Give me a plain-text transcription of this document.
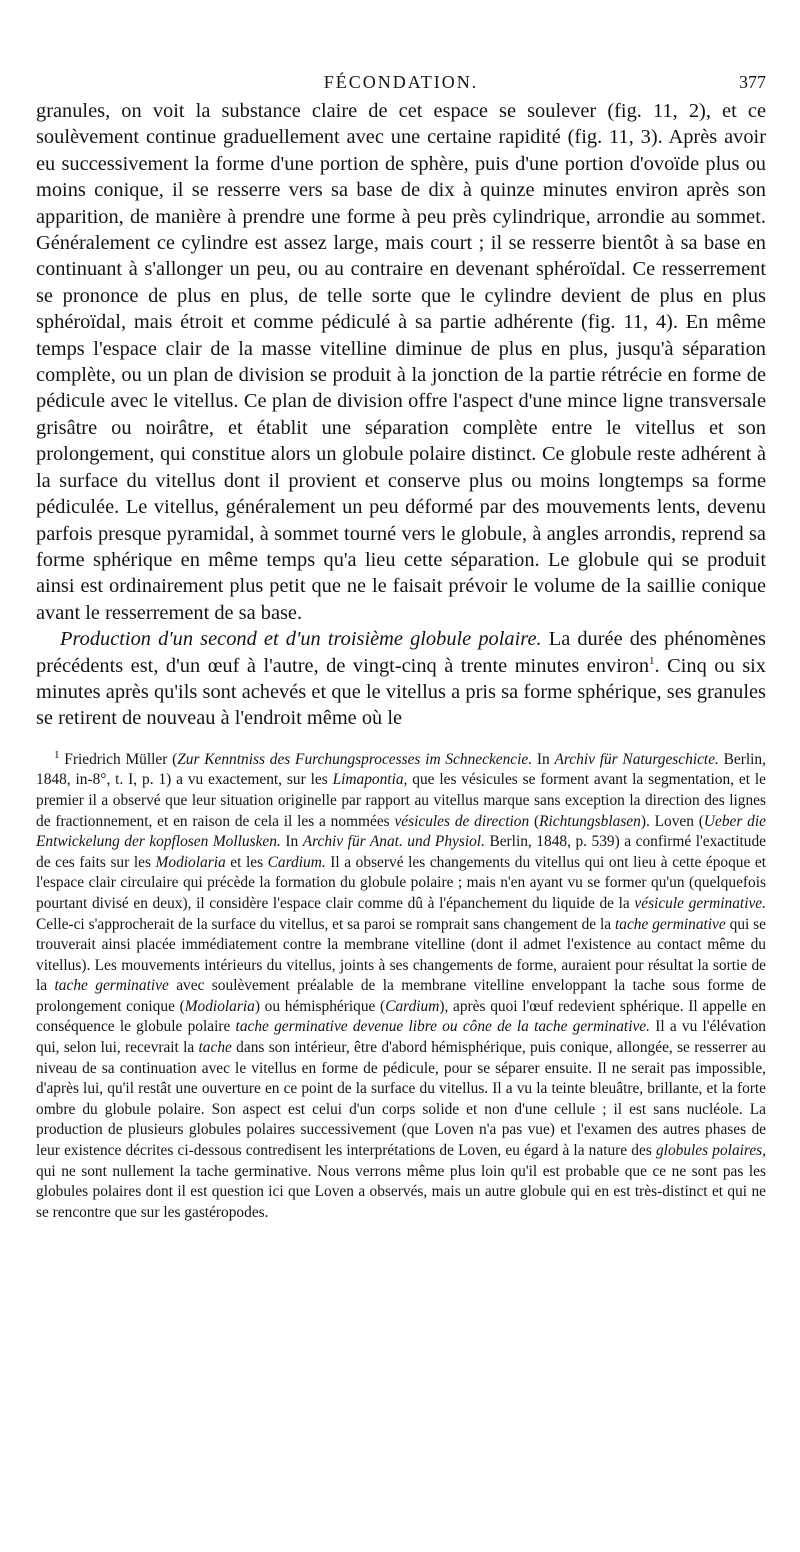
FÉCONDATION.	377

granules, on voit la substance claire de cet espace se soulever (fig. 11, 2), et ce soulèvement continue graduellement avec une certaine rapidité (fig. 11, 3). Après avoir eu successivement la forme d'une portion de sphère, puis d'une portion d'ovoïde plus ou moins conique, il se resserre vers sa base de dix à quinze minutes environ après son apparition, de manière à prendre une forme à peu près cylindrique, arrondie au sommet. Généralement ce cylindre est assez large, mais court ; il se resserre bientôt à sa base en continuant à s'allonger un peu, ou au contraire en devenant sphéroïdal. Ce resserrement se prononce de plus en plus, de telle sorte que le cylindre devient de plus en plus sphéroïdal, mais étroit et comme pédiculé à sa partie adhérente (fig. 11, 4). En même temps l'espace clair de la masse vitelline diminue de plus en plus, jusqu'à séparation complète, ou un plan de division se produit à la jonction de la partie rétrécie en forme de pédicule avec le vitellus. Ce plan de division offre l'aspect d'une mince ligne transversale grisâtre ou noirâtre, et établit une séparation complète entre le vitellus et son prolongement, qui constitue alors un globule polaire distinct. Ce globule reste adhérent à la surface du vitellus dont il provient et conserve plus ou moins longtemps sa forme pédiculée. Le vitellus, généralement un peu déformé par des mouvements lents, devenu parfois presque pyramidal, à sommet tourné vers le globule, à angles arrondis, reprend sa forme sphérique en même temps qu'a lieu cette séparation. Le globule qui se produit ainsi est ordinairement plus petit que ne le faisait prévoir le volume de la saillie conique avant le resserrement de sa base.

Production d'un second et d'un troisième globule polaire. La durée des phénomènes précédents est, d'un œuf à l'autre, de vingt-cinq à trente minutes environ$^1$. Cinq ou six minutes après qu'ils sont achevés et que le vitellus a pris sa forme sphérique, ses granules se retirent de nouveau à l'endroit même où le

$^1$ Friedrich Müller (Zur Kenntniss des Furchungsprocesses im Schneckencie. In Archiv für Naturgeschicte. Berlin, 1848, in-8°, t. I, p. 1) a vu exactement, sur les Limapontia, que les vésicules se forment avant la segmentation, et le premier il a observé que leur situation originelle par rapport au vitellus marque sans exception la direction des lignes de fractionnement, et en raison de cela il les a nommées vésicules de direction (Richtungsblasen). Loven (Ueber die Entwickelung der kopflosen Mollusken. In Archiv für Anat. und Physiol. Berlin, 1848, p. 539) a confirmé l'exactitude de ces faits sur les Modiolaria et les Cardium. Il a observé les changements du vitellus qui ont lieu à cette époque et l'espace clair circulaire qui précède la formation du globule polaire ; mais n'en ayant vu se former qu'un (quelquefois pourtant divisé en deux), il considère l'espace clair comme dû à l'épanchement du liquide de la vésicule germinative. Celle-ci s'approcherait de la surface du vitellus, et sa paroi se romprait sans changement de la tache germinative qui se trouverait ainsi placée immédiatement contre la membrane vitelline (dont il admet l'existence au contact même du vitellus). Les mouvements intérieurs du vitellus, joints à ses changements de forme, auraient pour résultat la sortie de la tache germinative avec soulèvement préalable de la membrane vitelline enveloppant la tache sous forme de prolongement conique (Modiolaria) ou hémisphérique (Cardium), après quoi l'œuf redevient sphérique. Il appelle en conséquence le globule polaire tache germinative devenue libre ou cône de la tache germinative. Il a vu l'élévation qui, selon lui, recevrait la tache dans son intérieur, être d'abord hémisphérique, puis conique, allongée, se resserrer au niveau de sa continuation avec le vitellus en forme de pédicule, pour se séparer ensuite. Il ne serait pas impossible, d'après lui, qu'il restât une ouverture en ce point de la surface du vitellus. Il a vu la teinte bleuâtre, brillante, et la forte ombre du globule polaire. Son aspect est celui d'un corps solide et non d'une cellule ; il est sans nucléole. La production de plusieurs globules polaires successivement (que Loven n'a pas vue) et l'examen des autres phases de leur existence décrites ci-dessous contredisent les interprétations de Loven, eu égard à la nature des globules polaires, qui ne sont nullement la tache germinative. Nous verrons même plus loin qu'il est probable que ce ne sont pas les globules polaires dont il est question ici que Loven a observés, mais un autre globule qui en est très-distinct et qui ne se rencontre que sur les gastéropodes.
